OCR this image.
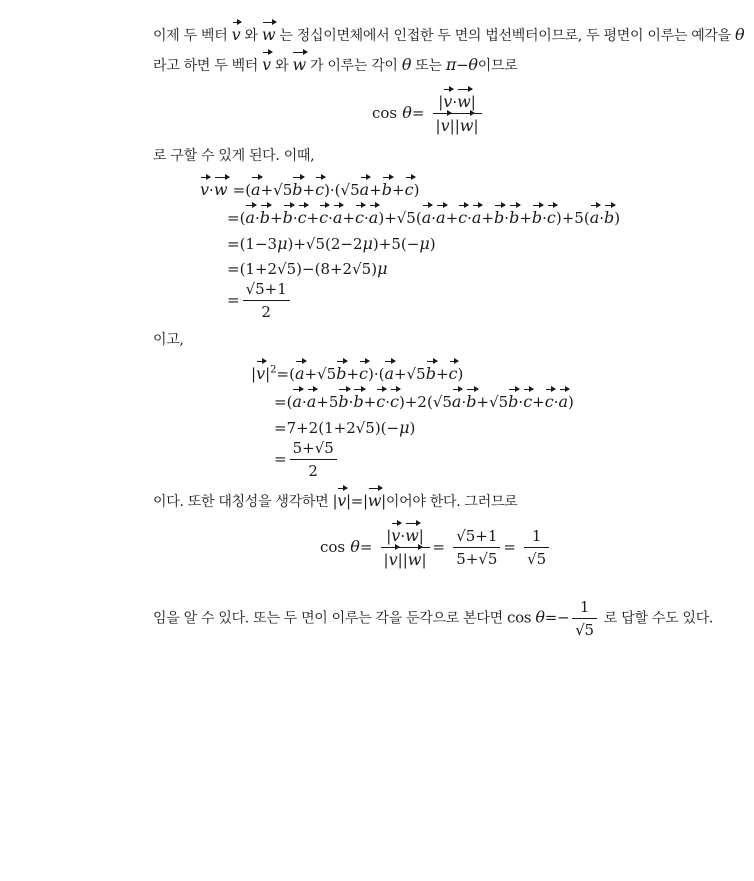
이제 두 벡터 v 와 w 는 정십이면체에서 인접한 두 면의 법선벡터이므로, 두 평면이 이루는 예각을 θ
라고 하면 두 벡터 v 와 w 가 이루는 각이 θ 또는 π−θ이므로
$\cos \theta= \frac{|v\cdot w|}{|v||w|}$
로 구할 수 있게 된다. 이때,
v·w =(a+√5b+c)·(√5a+b+c)
=(a·b+b·c+c·a+c·a)+√5(a·a+c·a+b·b+b·c)+5(a·b)
=(1−3μ)+√5(2−2μ)+5(−μ)
=(1+2√5)−(8+2√5)μ
= $\frac{√5+1}{2}$
이고,
$|v|^2=(a+√5b+c)\cdot(a+√5b+c)$
=(a·a+5b·b+c·c)+2(√5a·b+√5b·c+c·a)
=7+2(1+2√5)(−μ)
= $\frac{5+√5}{2}$
이다. 또한 대칭성을 생각하면 |v|=|w|이어야 한다. 그러므로
$\cos \theta= \frac{|v\cdot w|}{|v||w|} = \frac{√5+1}{5+√5} = \frac{1}{√5}$
임을 알 수 있다. 또는 두 면이 이루는 각을 둔각으로 본다면 $\cos \theta=- \frac{1}{√5}$ 로 답할 수도 있다.
